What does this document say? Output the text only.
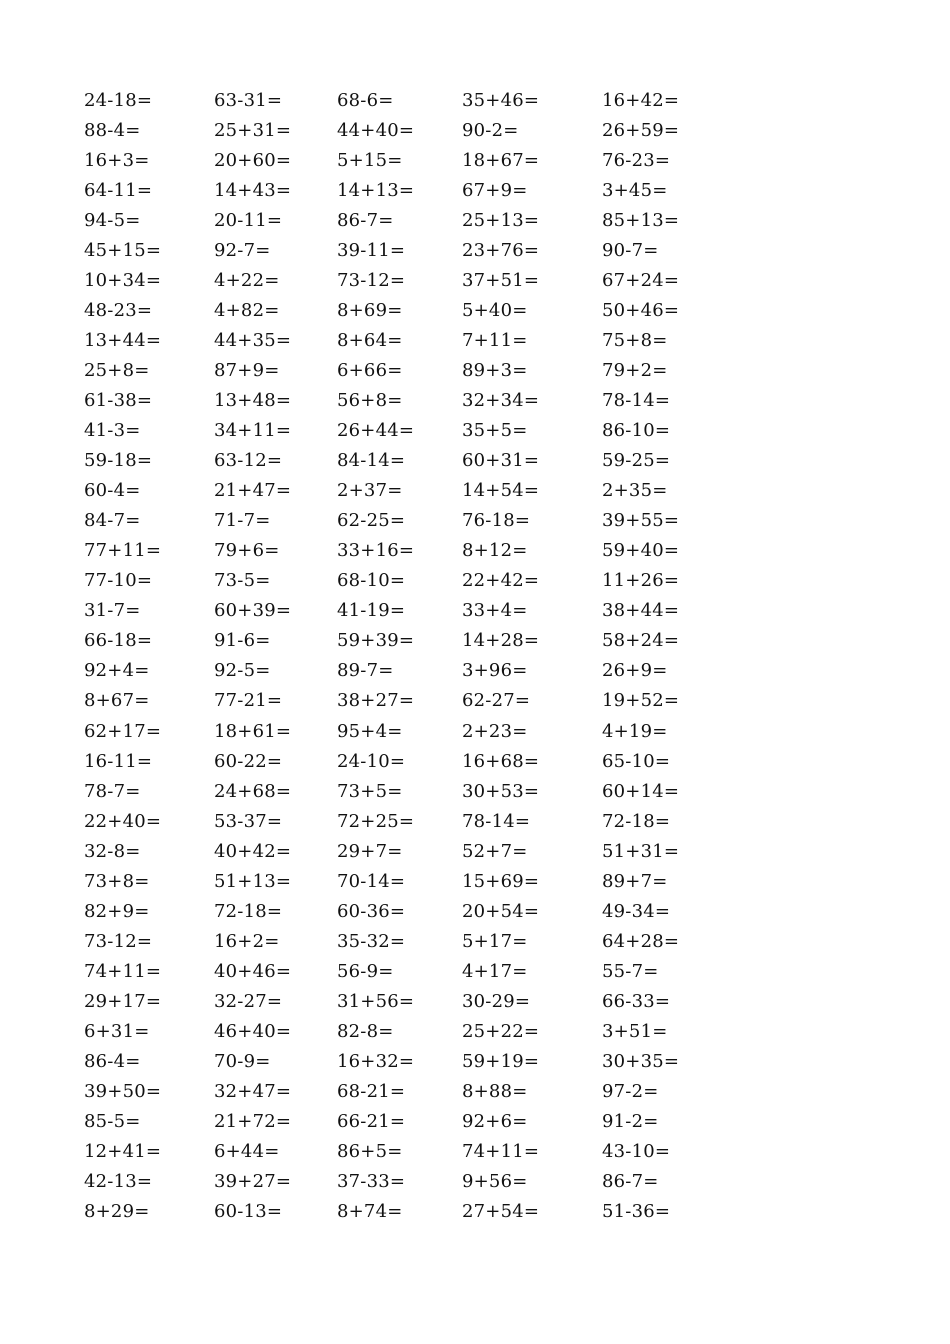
24-18=	63-31=	68-6=	35+46=	16+42=
88-4=	25+31=	44+40=	90-2=	26+59=
16+3=	20+60=	5+15=	18+67=	76-23=
64-11=	14+43=	14+13=	67+9=	3+45=
94-5=	20-11=	86-7=	25+13=	85+13=
45+15=	92-7=	39-11=	23+76=	90-7=
10+34=	4+22=	73-12=	37+51=	67+24=
48-23=	4+82=	8+69=	5+40=	50+46=
13+44=	44+35=	8+64=	7+11=	75+8=
25+8=	87+9=	6+66=	89+3=	79+2=
61-38=	13+48=	56+8=	32+34=	78-14=
41-3=	34+11=	26+44=	35+5=	86-10=
59-18=	63-12=	84-14=	60+31=	59-25=
60-4=	21+47=	2+37=	14+54=	2+35=
84-7=	71-7=	62-25=	76-18=	39+55=
77+11=	79+6=	33+16=	8+12=	59+40=
77-10=	73-5=	68-10=	22+42=	11+26=
31-7=	60+39=	41-19=	33+4=	38+44=
66-18=	91-6=	59+39=	14+28=	58+24=
92+4=	92-5=	89-7=	3+96=	26+9=
8+67=	77-21=	38+27=	62-27=	19+52=
62+17=	18+61=	95+4=	2+23=	4+19=
16-11=	60-22=	24-10=	16+68=	65-10=
78-7=	24+68=	73+5=	30+53=	60+14=
22+40=	53-37=	72+25=	78-14=	72-18=
32-8=	40+42=	29+7=	52+7=	51+31=
73+8=	51+13=	70-14=	15+69=	89+7=
82+9=	72-18=	60-36=	20+54=	49-34=
73-12=	16+2=	35-32=	5+17=	64+28=
74+11=	40+46=	56-9=	4+17=	55-7=
29+17=	32-27=	31+56=	30-29=	66-33=
6+31=	46+40=	82-8=	25+22=	3+51=
86-4=	70-9=	16+32=	59+19=	30+35=
39+50=	32+47=	68-21=	8+88=	97-2=
85-5=	21+72=	66-21=	92+6=	91-2=
12+41=	6+44=	86+5=	74+11=	43-10=
42-13=	39+27=	37-33=	9+56=	86-7=
8+29=	60-13=	8+74=	27+54=	51-36=
